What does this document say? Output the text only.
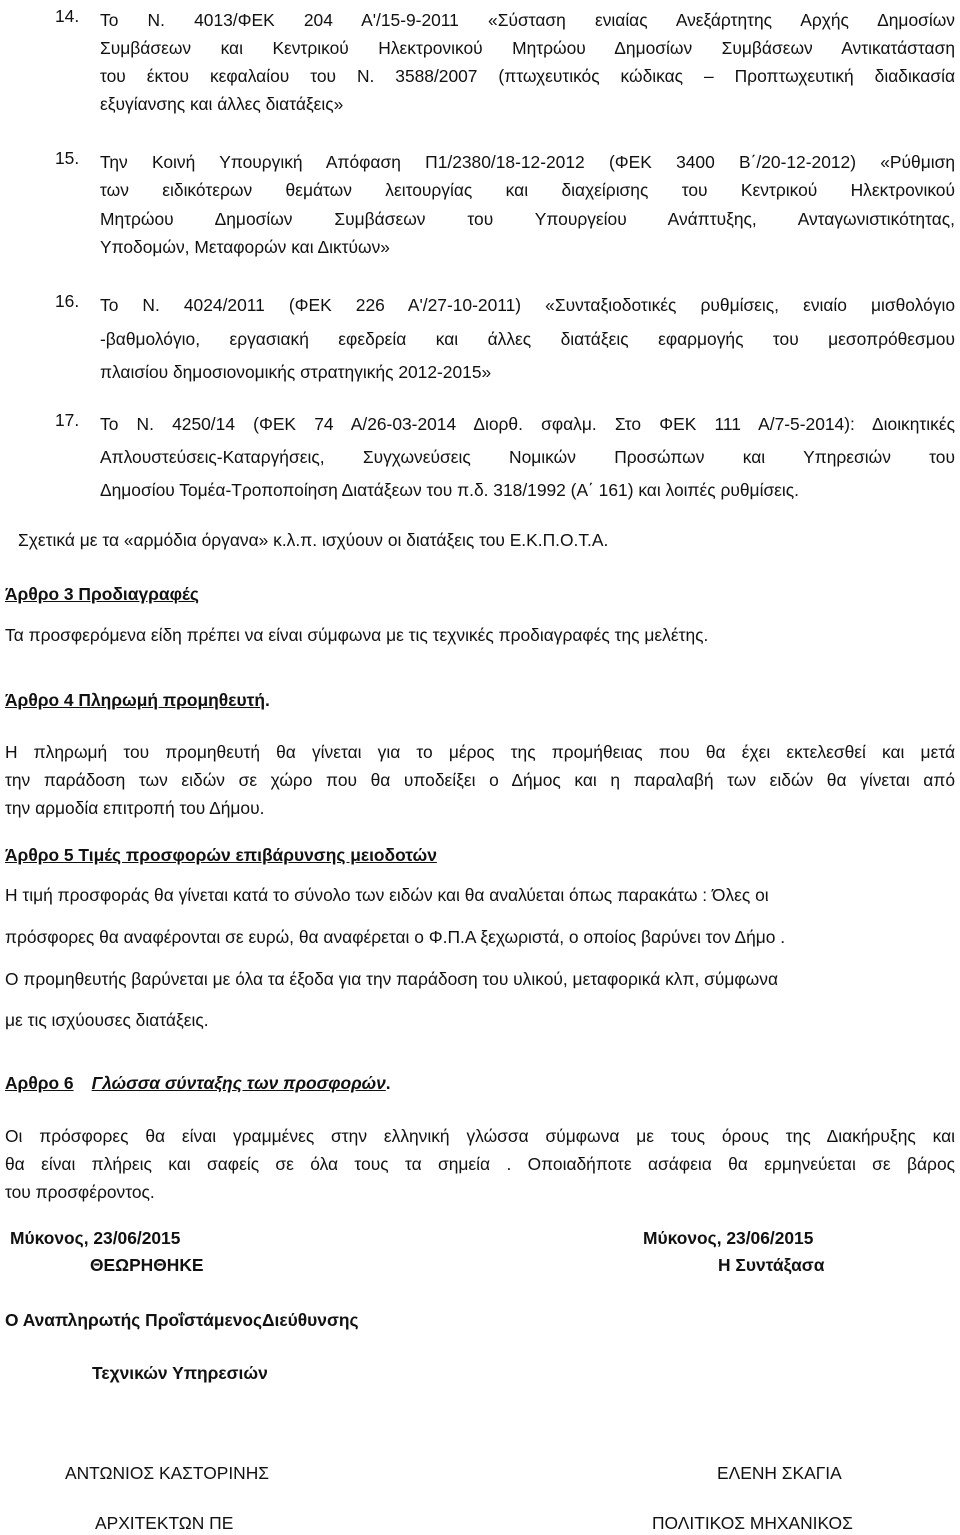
14. Το Ν. 4013/ΦΕΚ 204 Α'/15-9-2011 «Σύσταση ενιαίας Ανεξάρτητης Αρχής Δημοσίων
Συμβάσεων και Κεντρικού Ηλεκτρονικού Μητρώου Δημοσίων Συμβάσεων Αντικατάσταση
του έκτου κεφαλαίου του Ν. 3588/2007 (πτωχευτικός κώδικας – Προπτωχευτική διαδικασία
εξυγίανσης και άλλες διατάξεις»
15. Την Κοινή Υπουργική Απόφαση Π1/2380/18-12-2012 (ΦΕΚ 3400 Β΄/20-12-2012) «Ρύθμιση
των ειδικότερων θεμάτων λειτουργίας και διαχείρισης του Κεντρικού Ηλεκτρονικού
Μητρώου Δημοσίων Συμβάσεων του Υπουργείου Ανάπτυξης, Ανταγωνιστικότητας,
Υποδομών, Μεταφορών και Δικτύων»
16. Το Ν. 4024/2011 (ΦΕΚ 226 Α'/27-10-2011) «Συνταξιοδοτικές ρυθμίσεις, ενιαίο μισθολόγιο
-βαθμολόγιο, εργασιακή εφεδρεία και άλλες διατάξεις εφαρμογής του μεσοπρόθεσμου
πλαισίου δημοσιονομικής στρατηγικής 2012-2015»
17. Το Ν. 4250/14 (ΦΕΚ 74 Α/26-03-2014 Διορθ. σφαλμ. Στο ΦΕΚ 111 Α/7-5-2014): Διοικητικές
Απλουστεύσεις-Καταργήσεις, Συγχωνεύσεις Νομικών Προσώπων και Υπηρεσιών του
Δημοσίου Τομέα-Τροποποίηση Διατάξεων του π.δ. 318/1992 (Α΄ 161) και λοιπές ρυθμίσεις.
Σχετικά με τα «αρμόδια όργανα» κ.λ.π. ισχύουν οι διατάξεις του Ε.Κ.Π.Ο.Τ.Α.
Άρθρο 3 Προδιαγραφές
Τα προσφερόμενα είδη πρέπει να είναι σύμφωνα με τις τεχνικές προδιαγραφές της μελέτης.
Άρθρο 4 Πληρωμή προμηθευτή.
Η πληρωμή του προμηθευτή θα γίνεται για το μέρος της προμήθειας που θα έχει εκτελεσθεί και μετά
την παράδοση των ειδών σε χώρο που θα υποδείξει ο Δήμος και η παραλαβή των ειδών θα γίνεται από
την αρμοδία επιτροπή του Δήμου.
Άρθρο 5 Τιμές προσφορών επιβάρυνσης μειοδοτών
Η τιμή προσφοράς θα γίνεται κατά το σύνολο των ειδών και θα αναλύεται όπως παρακάτω : Όλες οι
πρόσφορες θα αναφέρονται σε ευρώ, θα αναφέρεται ο Φ.Π.Α ξεχωριστά, ο οποίος βαρύνει τον Δήμο .
Ο προμηθευτής βαρύνεται με όλα τα έξοδα για την παράδοση του υλικού, μεταφορικά κλπ, σύμφωνα
με τις ισχύουσες διατάξεις.
Αρθρο 6 Γλώσσα σύνταξης των προσφορών.
Οι πρόσφορες θα είναι γραμμένες στην ελληνική γλώσσα σύμφωνα με τους όρους της Διακήρυξης και
θα είναι πλήρεις και σαφείς σε όλα τους τα σημεία . Οποιαδήποτε ασάφεια θα ερμηνεύεται σε βάρος
του προσφέροντος.
Μύκονος, 23/06/2015
ΘΕΩΡΗΘΗΚΕ
Μύκονος, 23/06/2015
Η Συντάξασα
Ο Αναπληρωτής ΠροΐστάμενοςΔιεύθυνσης
Τεχνικών Υπηρεσιών
ΑΝΤΩΝΙΟΣ ΚΑΣΤΟΡΙΝΗΣ
ΑΡΧΙΤΕΚΤΩΝ ΠΕ
ΕΛΕΝΗ ΣΚΑΓΙΑ
ΠΟΛΙΤΙΚΟΣ ΜΗΧΑΝΙΚΟΣ
